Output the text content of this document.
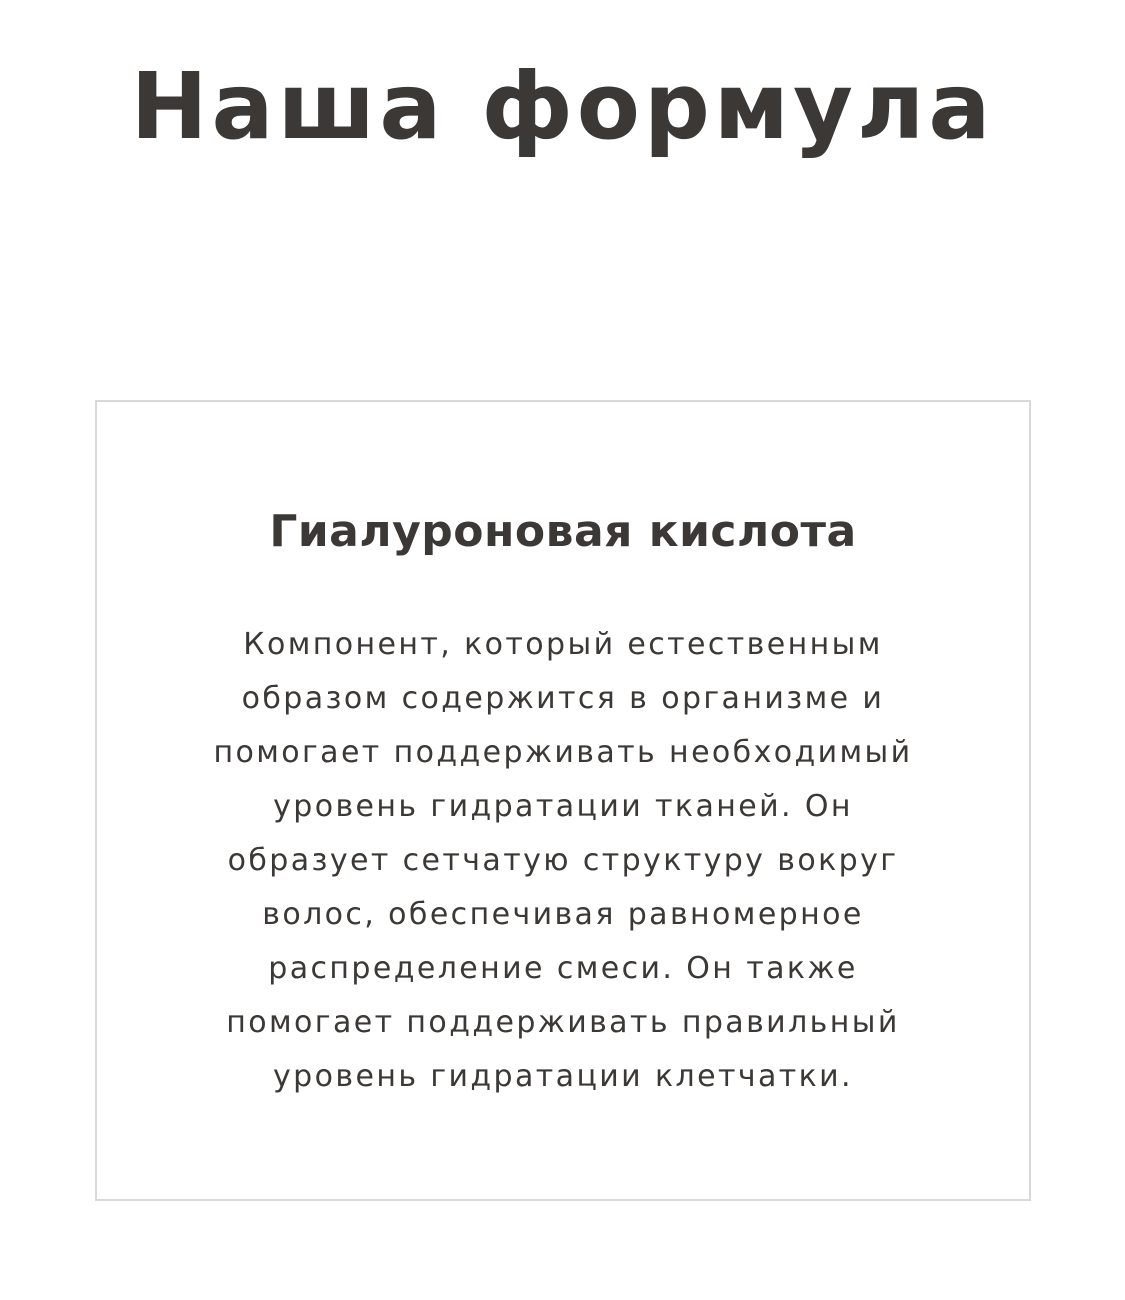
Наша формула
Гиалуроновая кислота

Компонент, который естественным
образом содержится в организме и
помогает поддерживать необходимый
уровень гидратации тканей. Он
образует сетчатую структуру вокруг
волос, обеспечивая равномерное
распределение смеси. Он также
помогает поддерживать правильный
уровень гидратации клетчатки.
